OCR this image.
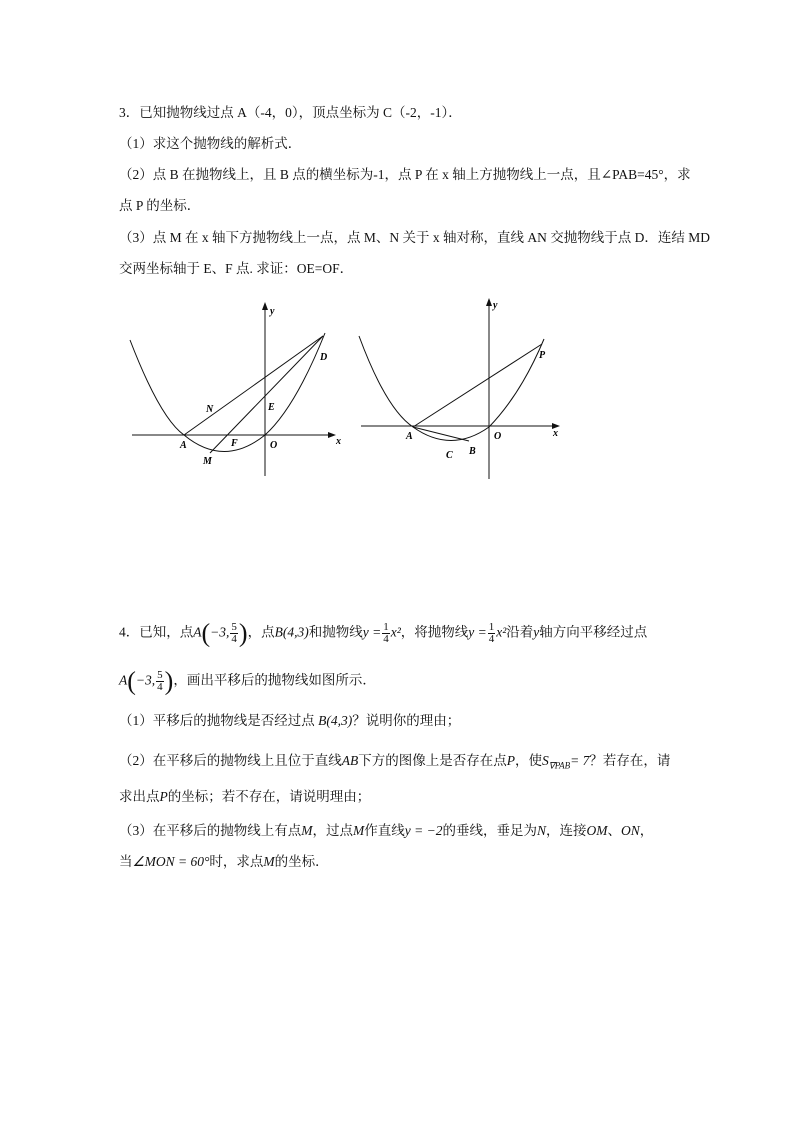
3．已知抛物线过点 A（-4，0），顶点坐标为 C（-2，-1）．
（1）求这个抛物线的解析式．
（2）点 B 在抛物线上，且 B 点的横坐标为-1，点 P 在 x 轴上方抛物线上一点，且∠PAB=45°，求
点 P 的坐标．
（3）点 M 在 x 轴下方抛物线上一点，点 M、N 关于 x 轴对称，直线 AN 交抛物线于点 D．连结 MD
交两坐标轴于 E、F 点. 求证：OE=OF．
y
x
D
N	E
A	F	O
M
y
x
P
A	O
C B
4．已知，点A(−3, $\frac{5}{4}$ )，点B(4,3)和抛物线$y = \frac{1}{4} x^2$，将抛物线$y = \frac{1}{4} x^2$沿着y轴方向平移经过点
A(−3, $\frac{5}{4}$ )，画出平移后的抛物线如图所示．
（1）平移后的抛物线是否经过点 B(4,3)？说明你的理由；
（2）在平移后的抛物线上且位于直线AB下方的图像上是否存在点P，使$S_{\nabla PAB}= 7$？若存在，请
求出点P的坐标；若不存在，请说明理由；
（3）在平移后的抛物线上有点M，过点M作直线y = −2的垂线，垂足为N，连接OM、ON，
当∠MON = 60°时，求点M的坐标．
